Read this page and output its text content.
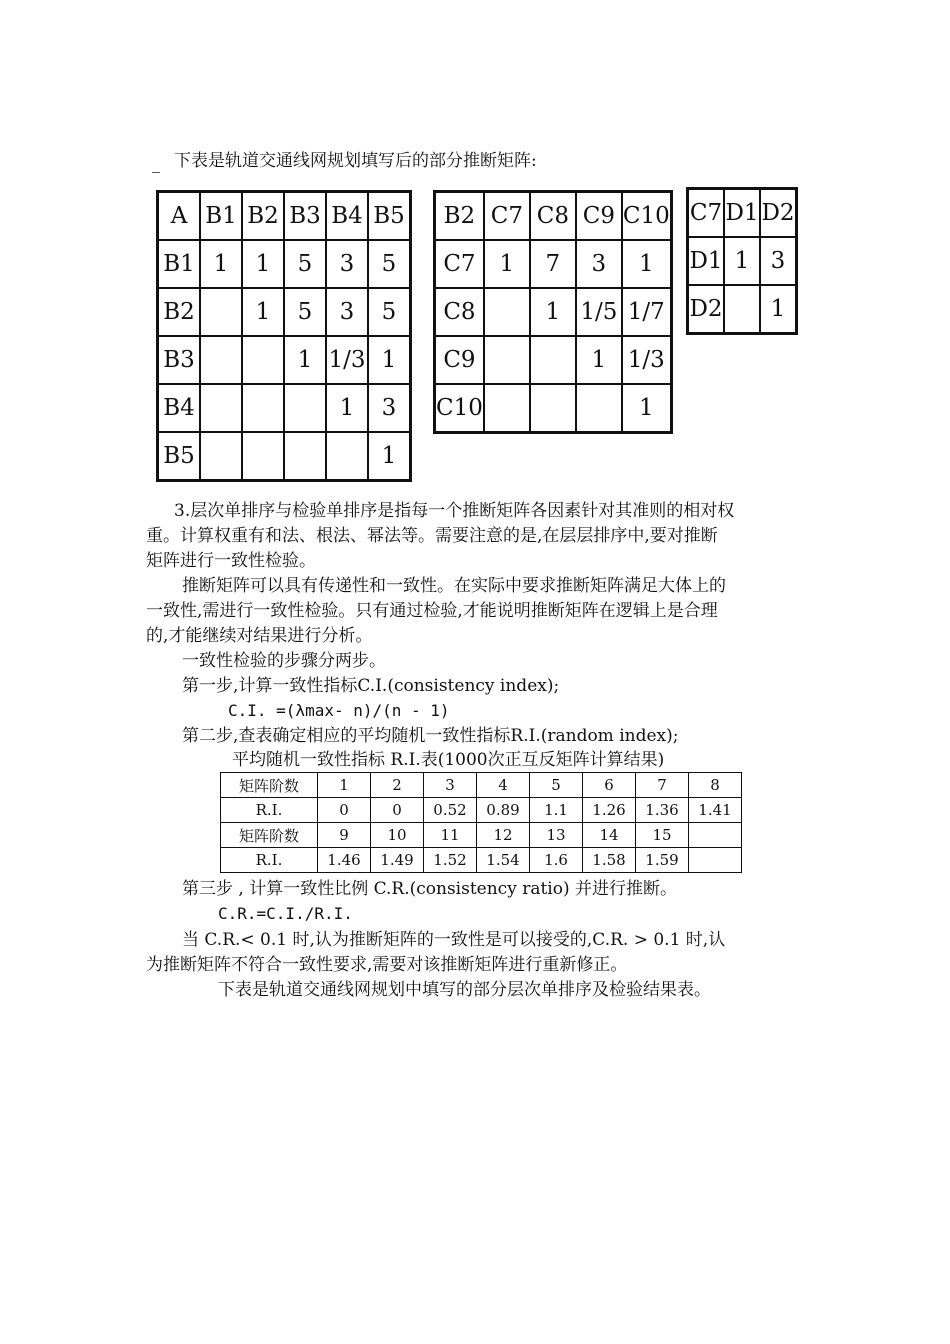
下表是轨道交通线网规划填写后的部分推断矩阵:
A	B1	B2	B3	B4	B5
B1	1	1	5	3	5
B2		1	5	3	5
B3			1	1/3	1
B4				1	3
B5					1
B2	C7	C8	C9	C10
C7	1	7	3	1
C8		1	1/5	1/7
C9			1	1/3
C10				1
C7	D1	D2
D1	1	3
D2		1
3.层次单排序与检验单排序是指每一个推断矩阵各因素针对其准则的相对权
重。计算权重有和法、根法、幂法等。需要注意的是,在层层排序中,要对推断
矩阵进行一致性检验。
推断矩阵可以具有传递性和一致性。在实际中要求推断矩阵满足大体上的
一致性,需进行一致性检验。只有通过检验,才能说明推断矩阵在逻辑上是合理
的,才能继续对结果进行分析。
一致性检验的步骤分两步。
第一步,计算一致性指标C.I.(consistency index);
C.I. =(λmax- n)/(n - 1)
第二步,查表确定相应的平均随机一致性指标R.I.(random index);
平均随机一致性指标 R.I.表(1000次正互反矩阵计算结果)
矩阵阶数	1	2	3	4	5	6	7	8
R.I.	0	0	0.52	0.89	1.1	1.26	1.36	1.41
矩阵阶数	9	10	11	12	13	14	15	
R.I.	1.46	1.49	1.52	1.54	1.6	1.58	1.59	
第三步 , 计算一致性比例 C.R.(consistency ratio) 并进行推断。
C.R.=C.I./R.I.
当 C.R.< 0.1 时,认为推断矩阵的一致性是可以接受的,C.R. > 0.1 时,认
为推断矩阵不符合一致性要求,需要对该推断矩阵进行重新修正。
下表是轨道交通线网规划中填写的部分层次单排序及检验结果表。
